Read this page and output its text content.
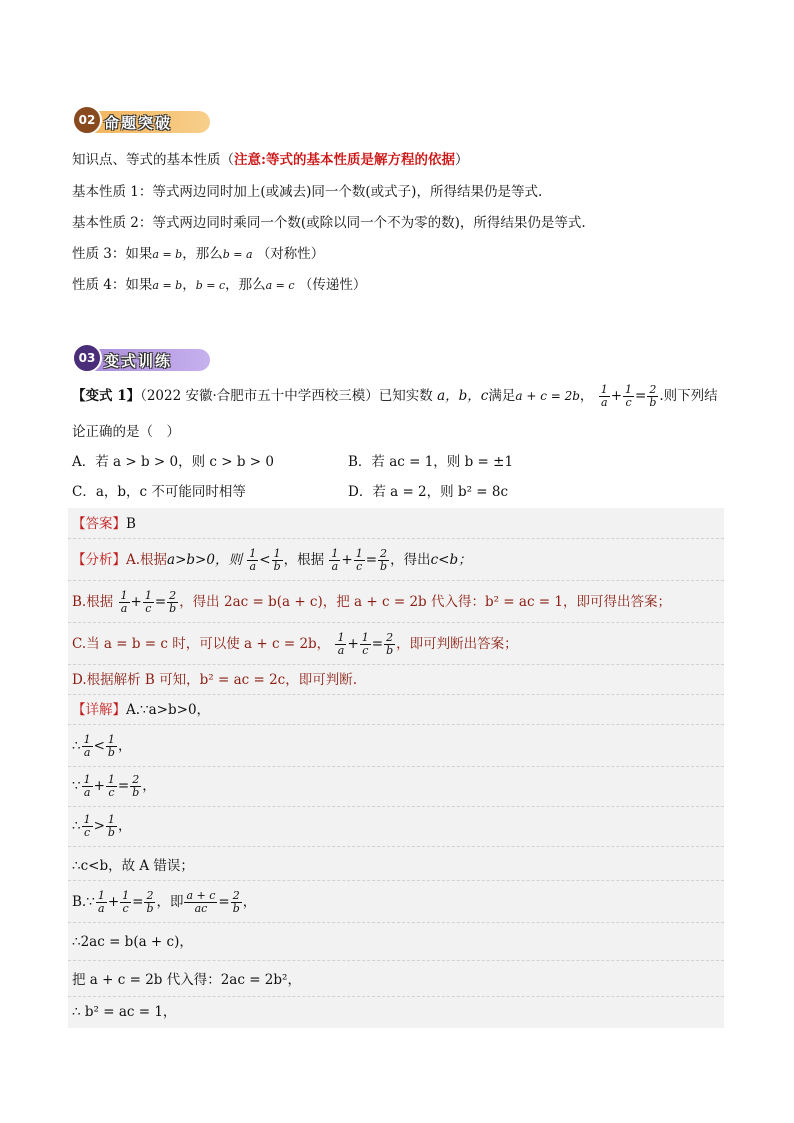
命题突破
02
知识点、等式的基本性质（注意:等式的基本性质是解方程的依据）
基本性质 1：等式两边同时加上(或减去)同一个数(或式子)，所得结果仍是等式.
基本性质 2：等式两边同时乘同一个数(或除以同一个不为零的数)，所得结果仍是等式.
性质 3：如果a = b，那么b = a （对称性）
性质 4：如果a = b，b = c，那么a = c （传递性）
变式训练
03
【变式 1】（2022 安徽·合肥市五十中学西校三模）已知实数 a，b，c满足a + c = 2b， $\frac{1}{a} + \frac{1}{c} = \frac{2}{b}$ .则下列结
论正确的是（　）
A．若 a > b > 0，则 c > b > 0	B．若 ac = 1，则 b = ±1
C．a，b，c 不可能同时相等	D．若 a = 2，则 b² = 8c
【答案】B
【分析】A.根据a>b>0，则 $\frac{1}{a} < \frac{1}{b}$ ，根据 $\frac{1}{a} + \frac{1}{c} = \frac{2}{b}$ ，得出c<b；
B.根据 $\frac{1}{a} + \frac{1}{c} = \frac{2}{b}$ ，得出 2ac = b(a + c)，把 a + c = 2b 代入得：b² = ac = 1，即可得出答案；
C.当 a = b = c 时，可以使 a + c = 2b， $\frac{1}{a} + \frac{1}{c} = \frac{2}{b}$ ，即可判断出答案；
D.根据解析 B 可知，b² = ac = 2c，即可判断.
【详解】A.∵a>b>0，
∴ $\frac{1}{a} < \frac{1}{b}$ ，
∵ $\frac{1}{a} + \frac{1}{c} = \frac{2}{b}$ ，
∴ $\frac{1}{c} > \frac{1}{b}$ ，
∴c<b，故 A 错误；
B.∵ $\frac{1}{a} + \frac{1}{c} = \frac{2}{b}$ ，即 $\frac{a + c}{ac} = \frac{2}{b}$ ，
∴2ac = b(a + c)，
把 a + c = 2b 代入得：2ac = 2b²，
∴ b² = ac = 1，
